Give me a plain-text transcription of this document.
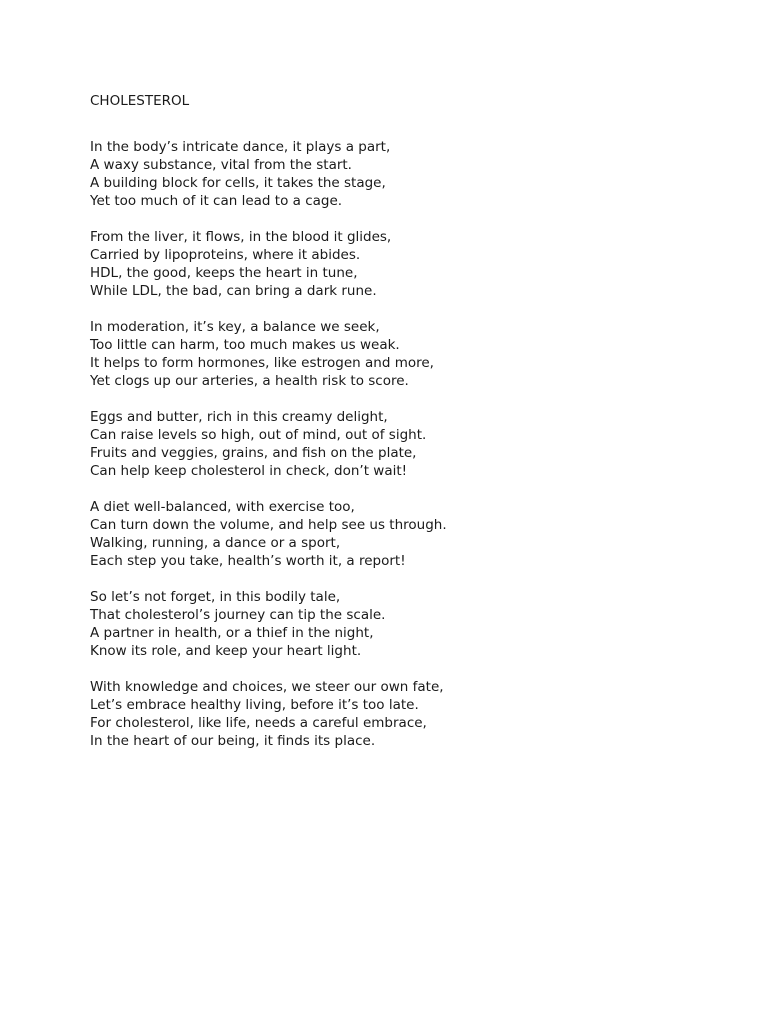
CHOLESTEROL
In the body’s intricate dance, it plays a part,
A waxy substance, vital from the start.
A building block for cells, it takes the stage,
Yet too much of it can lead to a cage.
From the liver, it flows, in the blood it glides,
Carried by lipoproteins, where it abides.
HDL, the good, keeps the heart in tune,
While LDL, the bad, can bring a dark rune.
In moderation, it’s key, a balance we seek,
Too little can harm, too much makes us weak.
It helps to form hormones, like estrogen and more,
Yet clogs up our arteries, a health risk to score.
Eggs and butter, rich in this creamy delight,
Can raise levels so high, out of mind, out of sight.
Fruits and veggies, grains, and fish on the plate,
Can help keep cholesterol in check, don’t wait!
A diet well-balanced, with exercise too,
Can turn down the volume, and help see us through.
Walking, running, a dance or a sport,
Each step you take, health’s worth it, a report!
So let’s not forget, in this bodily tale,
That cholesterol’s journey can tip the scale.
A partner in health, or a thief in the night,
Know its role, and keep your heart light.
With knowledge and choices, we steer our own fate,
Let’s embrace healthy living, before it’s too late.
For cholesterol, like life, needs a careful embrace,
In the heart of our being, it finds its place.
